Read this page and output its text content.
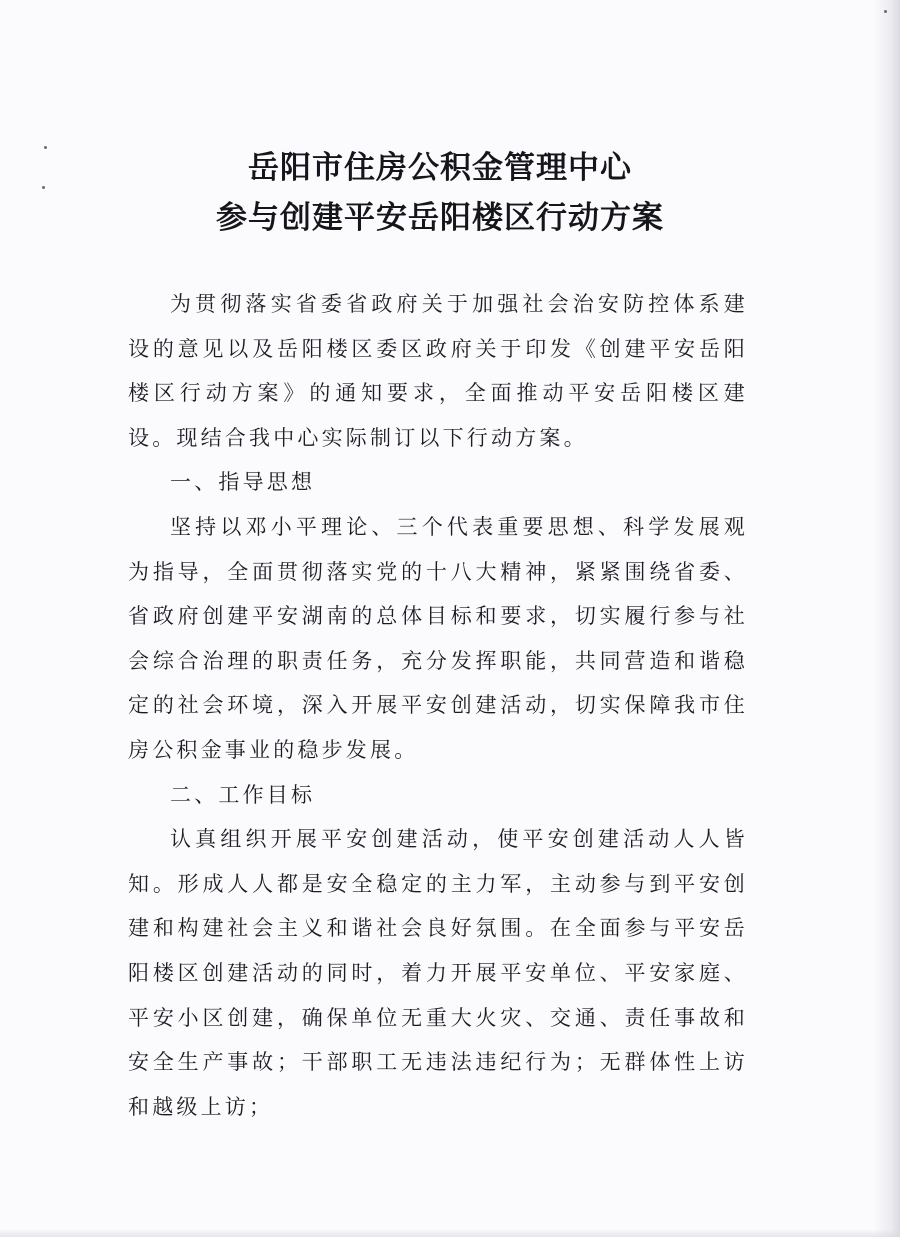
岳阳市住房公积金管理中心
参与创建平安岳阳楼区行动方案

为贯彻落实省委省政府关于加强社会治安防控体系建设的意见以及岳阳楼区委区政府关于印发《创建平安岳阳楼区行动方案》的通知要求，全面推动平安岳阳楼区建设。现结合我中心实际制订以下行动方案。

一、指导思想

坚持以邓小平理论、三个代表重要思想、科学发展观为指导，全面贯彻落实党的十八大精神，紧紧围绕省委、省政府创建平安湖南的总体目标和要求，切实履行参与社会综合治理的职责任务，充分发挥职能，共同营造和谐稳定的社会环境，深入开展平安创建活动，切实保障我市住房公积金事业的稳步发展。

二、工作目标

认真组织开展平安创建活动，使平安创建活动人人皆知。形成人人都是安全稳定的主力军，主动参与到平安创建和构建社会主义和谐社会良好氛围。在全面参与平安岳阳楼区创建活动的同时，着力开展平安单位、平安家庭、平安小区创建，确保单位无重大火灾、交通、责任事故和安全生产事故；干部职工无违法违纪行为；无群体性上访和越级上访；
